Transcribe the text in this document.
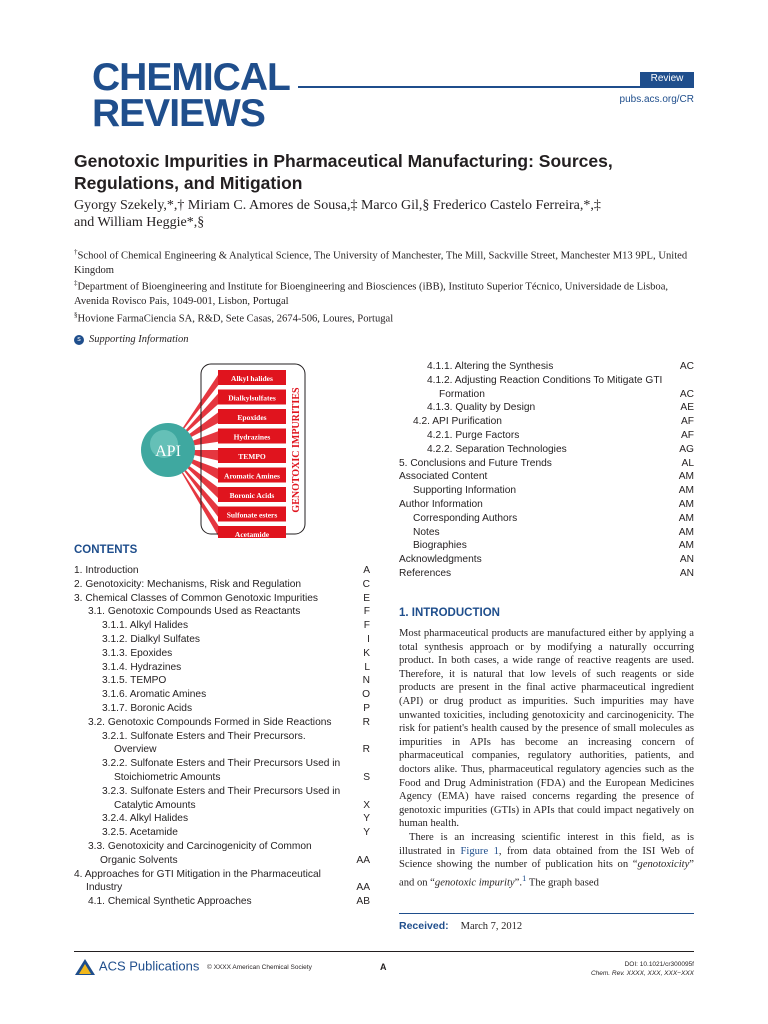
CHEMICAL
REVIEWS
Review
pubs.acs.org/CR
Genotoxic Impurities in Pharmaceutical Manufacturing: Sources, Regulations, and Mitigation
Gyorgy Szekely,*,† Miriam C. Amores de Sousa,‡ Marco Gil,§ Frederico Castelo Ferreira,*,‡
and William Heggie*,§
†School of Chemical Engineering & Analytical Science, The University of Manchester, The Mill, Sackville Street, Manchester M13 9PL, United Kingdom
‡Department of Bioengineering and Institute for Bioengineering and Biosciences (iBB), Instituto Superior Técnico, Universidade de Lisboa, Avenida Rovisco Pais, 1049-001, Lisbon, Portugal
§Hovione FarmaCiencia SA, R&D, Sete Casas, 2674-506, Loures, Portugal
s Supporting Information
API
Alkyl halides
Dialkylsulfates
Epoxides
Hydrazines
TEMPO
Aromatic Amines
Boronic Acids
Sulfonate esters
Acetamide
GENOTOXIC IMPURITIES
CONTENTS
1. Introduction	A
2. Genotoxicity: Mechanisms, Risk and Regulation	C
3. Chemical Classes of Common Genotoxic Impurities	E
3.1. Genotoxic Compounds Used as Reactants	F
3.1.1. Alkyl Halides	F
3.1.2. Dialkyl Sulfates	I
3.1.3. Epoxides	K
3.1.4. Hydrazines	L
3.1.5. TEMPO	N
3.1.6. Aromatic Amines	O
3.1.7. Boronic Acids	P
3.2. Genotoxic Compounds Formed in Side Reactions	R
3.2.1. Sulfonate Esters and Their Precursors. Overview	R
3.2.2. Sulfonate Esters and Their Precursors Used in Stoichiometric Amounts	S
3.2.3. Sulfonate Esters and Their Precursors Used in Catalytic Amounts	X
3.2.4. Alkyl Halides	Y
3.2.5. Acetamide	Y
3.3. Genotoxicity and Carcinogenicity of Common Organic Solvents	AA
4. Approaches for GTI Mitigation in the Pharmaceutical Industry	AA
4.1. Chemical Synthetic Approaches	AB
4.1.1. Altering the Synthesis	AC
4.1.2. Adjusting Reaction Conditions To Mitigate GTI Formation	AC
4.1.3. Quality by Design	AE
4.2. API Purification	AF
4.2.1. Purge Factors	AF
4.2.2. Separation Technologies	AG
5. Conclusions and Future Trends	AL
Associated Content	AM
Supporting Information	AM
Author Information	AM
Corresponding Authors	AM
Notes	AM
Biographies	AM
Acknowledgments	AN
References	AN
1. INTRODUCTION

Most pharmaceutical products are manufactured either by applying a total synthesis approach or by modifying a naturally occurring product. In both cases, a wide range of reactive reagents are used. Therefore, it is natural that low levels of such reagents or side products are present in the final active pharmaceutical ingredient (API) or drug product as impurities. Such impurities may have unwanted toxicities, including genotoxicity and carcinogenicity. The risk for patient's health caused by the presence of small molecules as impurities in APIs has become an increasing concern of pharmaceutical companies, regulatory authorities, patients, and doctors alike. Thus, pharmaceutical regulatory agencies such as the Food and Drug Administration (FDA) and the European Medicines Agency (EMA) have raised concerns regarding the presence of genotoxic impurities (GTIs) in APIs that could impact negatively on human health.

There is an increasing scientific interest in this field, as is illustrated in Figure 1, from data obtained from the ISI Web of Science showing the number of publication hits on “genotoxicity” and on “genotoxic impurity”.$^1$ The graph based

Received: March 7, 2012
ACS Publications © XXXX American Chemical Society	A	DOI: 10.1021/cr300095f
Chem. Rev. XXXX, XXX, XXX−XXX
